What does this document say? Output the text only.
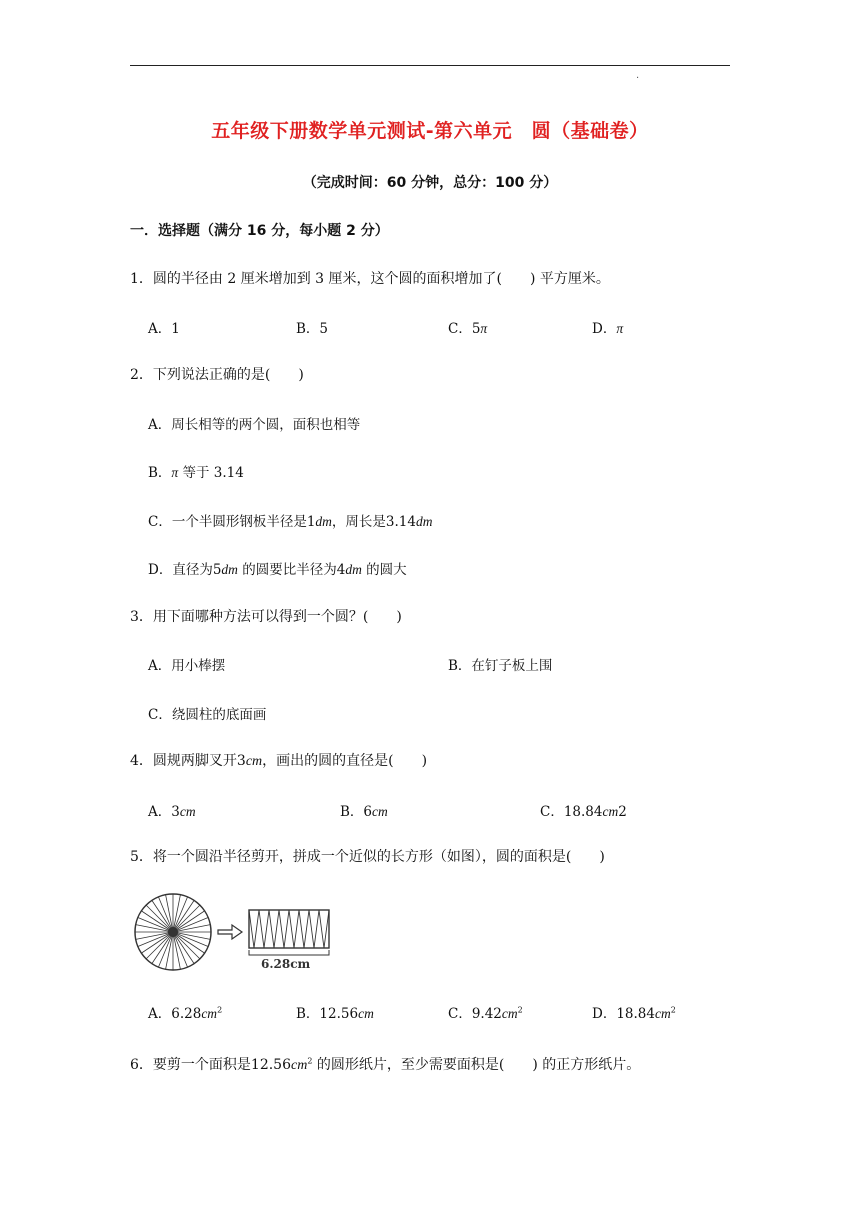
.
五年级下册数学单元测试-第六单元　圆（基础卷）
（完成时间：60 分钟，总分：100 分）
一．选择题（满分 16 分，每小题 2 分）
1．圆的半径由 2 厘米增加到 3 厘米，这个圆的面积增加了(　　) 平方厘米。
A．1	B．5	C．5π	D．π
2．下列说法正确的是(　　)
A．周长相等的两个圆，面积也相等
B．π 等于 3.14
C．一个半圆形钢板半径是1dm，周长是3.14dm
D．直径为5dm 的圆要比半径为4dm 的圆大
3．用下面哪种方法可以得到一个圆？(　　)
A．用小棒摆	B．在钉子板上围
C．绕圆柱的底面画
4．圆规两脚叉开3cm，画出的圆的直径是(　　)
A．3cm	B．6cm	C．18.84cm2
5．将一个圆沿半径剪开，拼成一个近似的长方形（如图），圆的面积是(　　)
6.28cm
A．$6.28cm^2$	B．12.56cm	C．$9.42cm^2$	D．$18.84cm^2$
6．要剪一个面积是$12.56cm^2$ 的圆形纸片，至少需要面积是(　　) 的正方形纸片。
